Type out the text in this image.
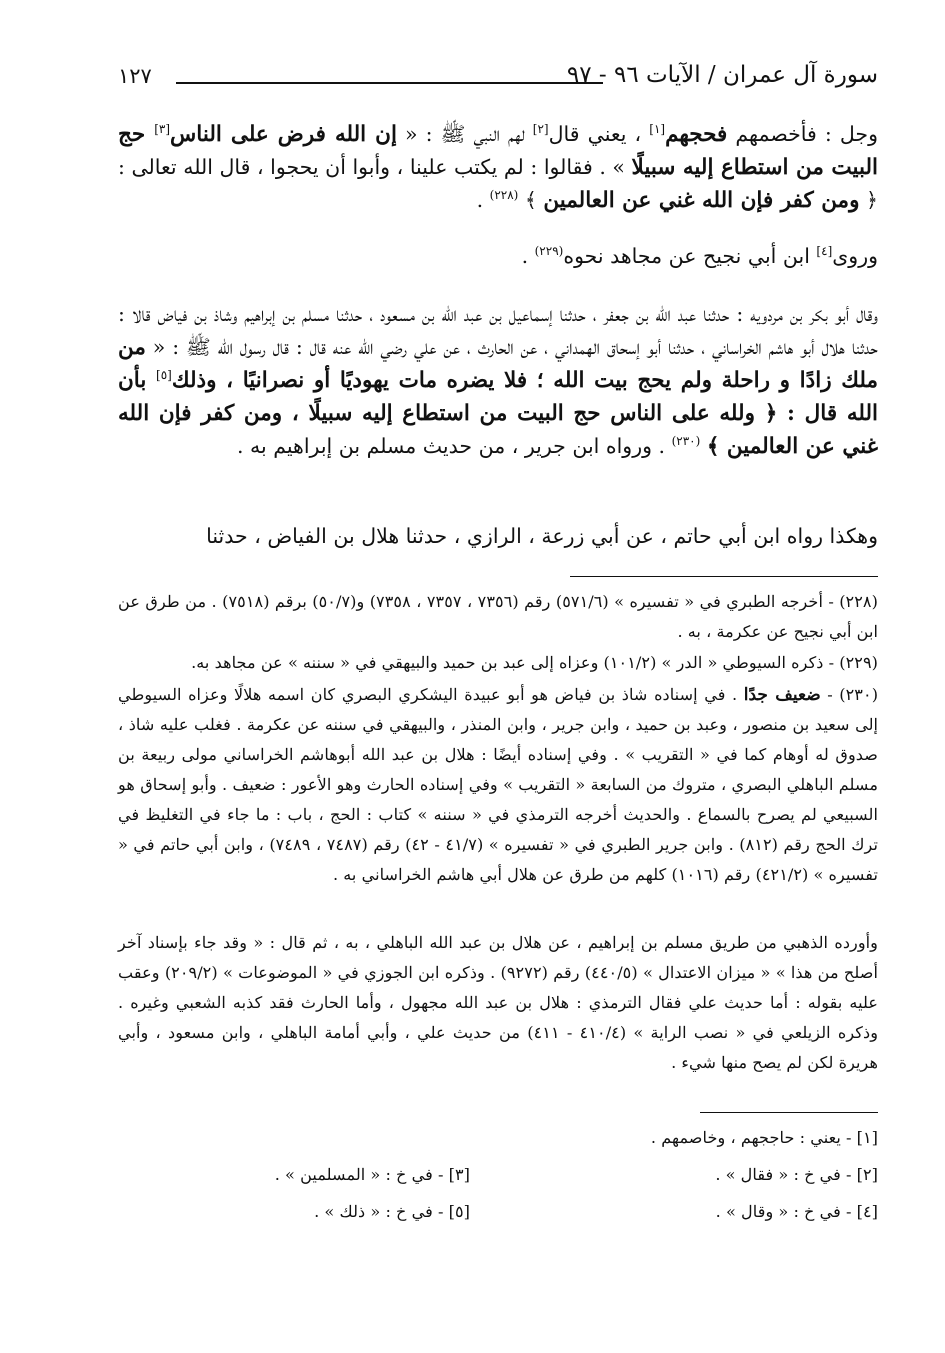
سورة آل عمران / الآيات ٩٦ - ٩٧
١٢٧
وجل : فأخصمهم فحجهم[١] ، يعني قال[٢] لهم النبي ﷺ : « إن الله فرض على الناس[٣] حج البيت من استطاع إليه سبيلًا » . فقالوا : لم يكتب علينا ، وأبوا أن يحجوا ، قال الله تعالى : ﴿ ومن كفر فإن الله غني عن العالمين ﴾ $^{(٢٢٨)}$ .
وروى[٤] ابن أبي نجيح عن مجاهد نحوه$^{(٢٢٩)}$ .
وقال أبو بكر بن مردويه : حدثنا عبد الله بن جعفر ، حدثنا إسماعيل بن عبد الله بن مسعود ، حدثنا مسلم بن إبراهيم وشاذ بن فياض قالا : حدثنا هلال أبو هاشم الخراساني ، حدثنا أبو إسحاق الهمداني ، عن الحارث ، عن علي رضي الله عنه قال : قال رسول الله ﷺ : « من ملك زادًا و راحلة ولم يحج بيت الله ؛ فلا يضره مات يهوديًا أو نصرانيًا ، وذلك[٥] بأن الله قال : ﴿ ولله على الناس حج البيت من استطاع إليه سبيلًا ، ومن كفر فإن الله غني عن العالمين ﴾ $^{(٢٣٠)}$ . ورواه ابن جرير ، من حديث مسلم بن إبراهيم به .
وهكذا رواه ابن أبي حاتم ، عن أبي زرعة ، الرازي ، حدثنا هلال بن الفياض ، حدثنا
(٢٢٨) - أخرجه الطبري في « تفسيره » (٥٧١/٦) رقم (٧٣٥٦ ، ٧٣٥٧ ، ٧٣٥٨) و(٥٠/٧) برقم (٧٥١٨) . من طرق عن ابن أبي نجيح عن عكرمة ، به .
(٢٢٩) - ذكره السيوطي « الدر » (١٠١/٢) وعزاه إلى عبد بن حميد والبيهقي في « سننه » عن مجاهد به.
(٢٣٠) - ضعيف جدًا . في إسناده شاذ بن فياض هو أبو عبيدة اليشكري البصري كان اسمه هلالًا وعزاه السيوطي إلى سعيد بن منصور ، وعبد بن حميد ، وابن جرير ، وابن المنذر ، والبيهقي في سننه عن عكرمة . فغلب عليه شاذ ، صدوق له أوهام كما في « التقريب » . وفي إسناده أيضًا : هلال بن عبد الله أبوهاشم الخراساني مولى ربيعة بن مسلم الباهلي البصري ، متروك من السابعة « التقريب » وفي إسناده الحارث وهو الأعور : ضعيف . وأبو إسحاق هو السبيعي لم يصرح بالسماع . والحديث أخرجه الترمذي في « سننه » كتاب : الحج ، باب : ما جاء في التغليظ في ترك الحج رقم (٨١٢) . وابن جرير الطبري في « تفسيره » (٤١/٧ - ٤٢) رقم (٧٤٨٧ ، ٧٤٨٩) ، وابن أبي حاتم في « تفسيره » (٤٢١/٢) رقم (١٠١٦) كلهم من طرق عن هلال أبي هاشم الخراساني به .
وأورده الذهبي من طريق مسلم بن إبراهيم ، عن هلال بن عبد الله الباهلي ، به ، ثم قال : « وقد جاء بإسناد آخر أصلح من هذا » « ميزان الاعتدال » (٤٤٠/٥) رقم (٩٢٧٢) . وذكره ابن الجوزي في « الموضوعات » (٢٠٩/٢) وعقب عليه بقوله : أما حديث علي فقال الترمذي : هلال بن عبد الله مجهول ، وأما الحارث فقد كذبه الشعبي وغيره . وذكره الزيلعي في « نصب الراية » (٤١٠/٤ - ٤١١) من حديث علي ، وأبي أمامة الباهلي ، وابن مسعود ، وأبي هريرة لكن لم يصح منها شيء .
[١] - يعني : حاججهم ، وخاصمهم .
[٢] - في خ : « فقال » .
[٣] - في خ : « المسلمين » .
[٤] - في خ : « وقال » .
[٥] - في خ : « ذلك » .
